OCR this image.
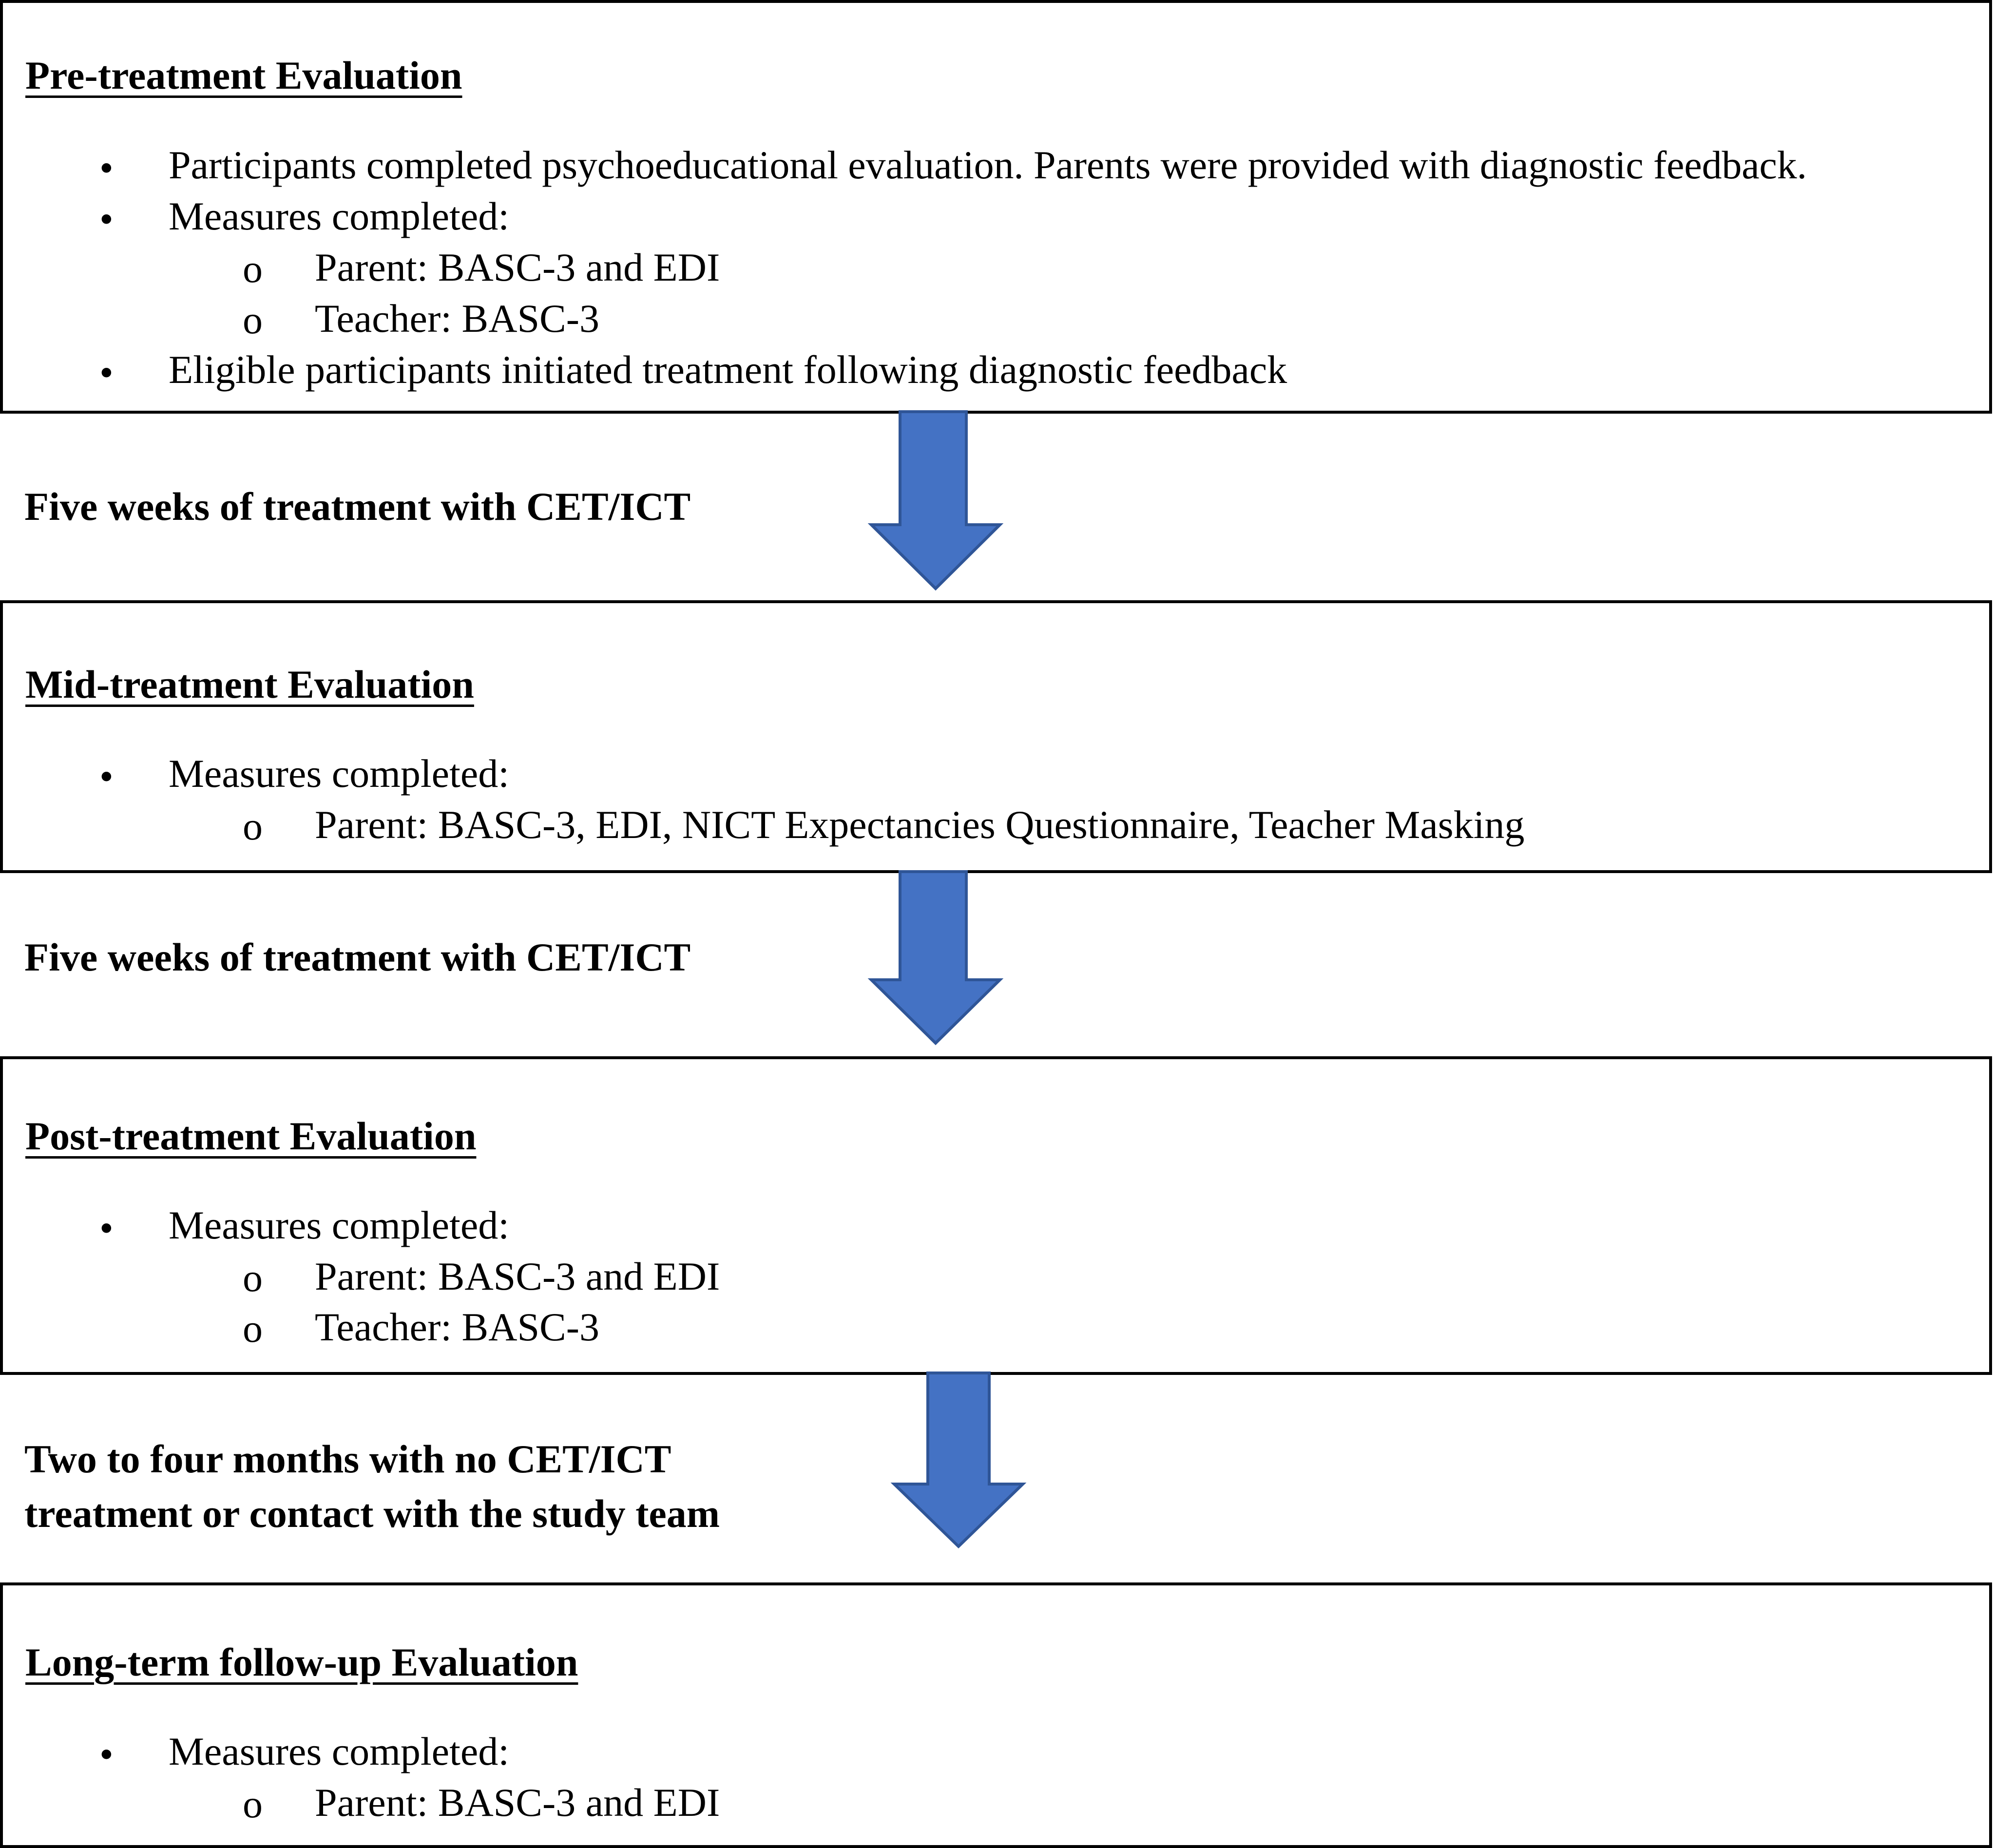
Pre-treatment Evaluation
• Participants completed psychoeducational evaluation. Parents were provided with diagnostic feedback.
• Measures completed:
o Parent: BASC-3 and EDI
o Teacher: BASC-3
• Eligible participants initiated treatment following diagnostic feedback
Five weeks of treatment with CET/ICT
Mid-treatment Evaluation
• Measures completed:
o Parent: BASC-3, EDI, NICT Expectancies Questionnaire, Teacher Masking
Five weeks of treatment with CET/ICT
Post-treatment Evaluation
• Measures completed:
o Parent: BASC-3 and EDI
o Teacher: BASC-3
Two to four months with no CET/ICT
treatment or contact with the study team
Long-term follow-up Evaluation
• Measures completed:
o Parent: BASC-3 and EDI
